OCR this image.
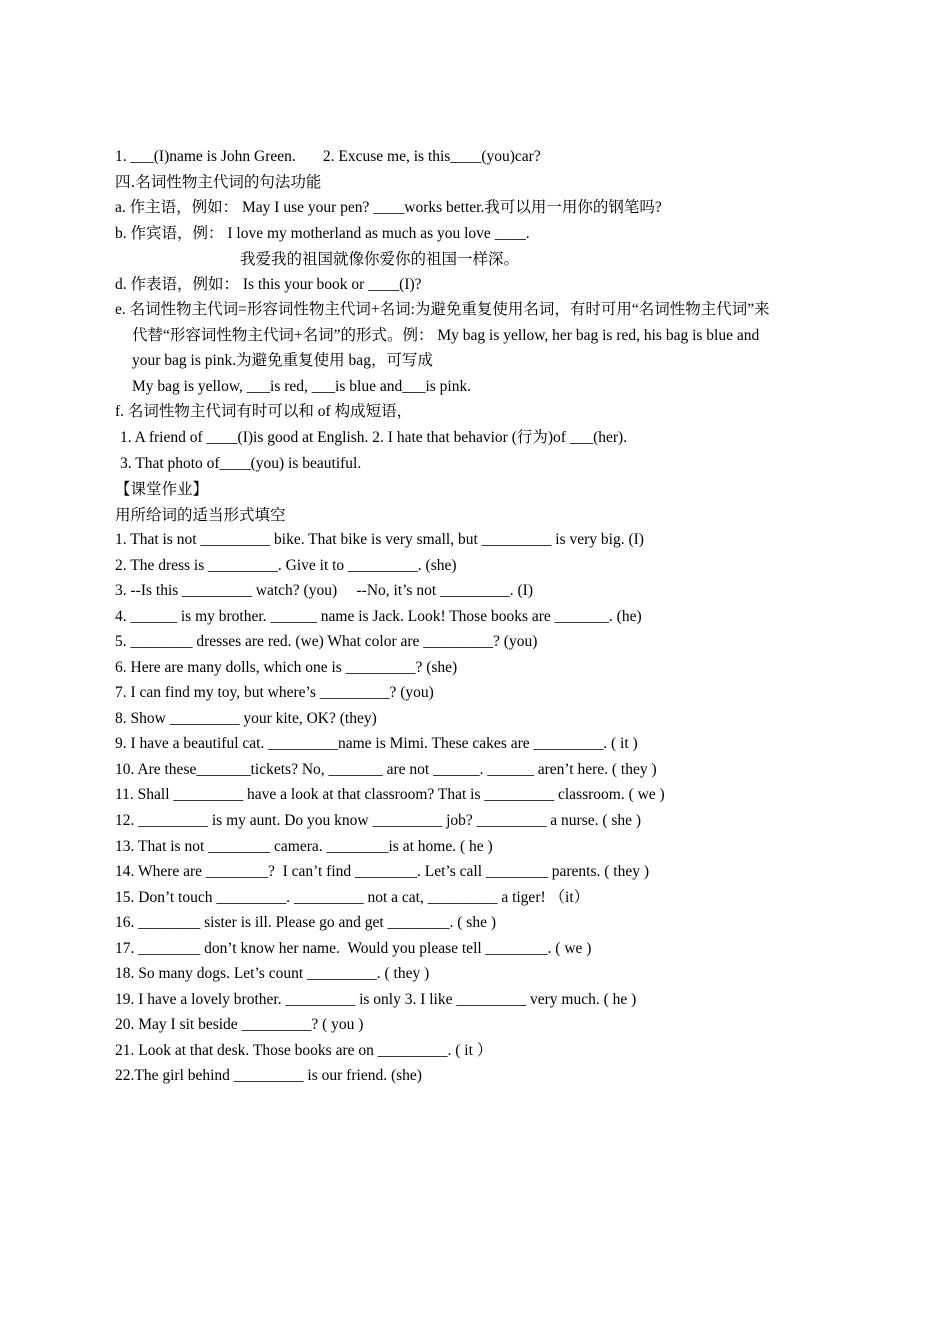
1. ___(I)name is John Green.       2. Excuse me, is this____(you)car?
四.名词性物主代词的句法功能
a. 作主语，例如： May I use your pen? ____works better.我可以用一用你的钢笔吗?
b. 作宾语，例： I love my motherland as much as you love ____.
我爱我的祖国就像你爱你的祖国一样深。
d. 作表语，例如： Is this your book or ____(I)?
e. 名词性物主代词=形容词性物主代词+名词:为避免重复使用名词，有时可用“名词性物主代词”来
代替“形容词性物主代词+名词”的形式。例： My bag is yellow, her bag is red, his bag is blue and
your bag is pink.为避免重复使用 bag，可写成
My bag is yellow, ___is red, ___is blue and___is pink.
f. 名词性物主代词有时可以和 of 构成短语，
1. A friend of ____(I)is good at English. 2. I hate that behavior (行为)of ___(her).
3. That photo of____(you) is beautiful.
【课堂作业】
用所给词的适当形式填空
1. That is not _________ bike. That bike is very small, but _________ is very big. (I)
2. The dress is _________. Give it to _________. (she)
3. --Is this _________ watch? (you)     --No, it’s not _________. (I)
4. ______ is my brother. ______ name is Jack. Look! Those books are _______. (he)
5. ________ dresses are red. (we) What color are _________? (you)
6. Here are many dolls, which one is _________? (she)
7. I can find my toy, but where’s _________? (you)
8. Show _________ your kite, OK? (they)
9. I have a beautiful cat. _________name is Mimi. These cakes are _________. ( it )
10. Are these_______tickets? No, _______ are not ______. ______ aren’t here. ( they )
11. Shall _________ have a look at that classroom? That is _________ classroom. ( we )
12. _________ is my aunt. Do you know _________ job? _________ a nurse. ( she )
13. That is not ________ camera. ________is at home. ( he )
14. Where are ________?  I can’t find ________. Let’s call ________ parents. ( they )
15. Don’t touch _________. _________ not a cat, _________ a tiger! （it）
16. ________ sister is ill. Please go and get ________. ( she )
17. ________ don’t know her name.  Would you please tell ________. ( we )
18. So many dogs. Let’s count _________. ( they )
19. I have a lovely brother. _________ is only 3. I like _________ very much. ( he )
20. May I sit beside _________? ( you )
21. Look at that desk. Those books are on _________. ( it ）
22.The girl behind _________ is our friend. (she)
